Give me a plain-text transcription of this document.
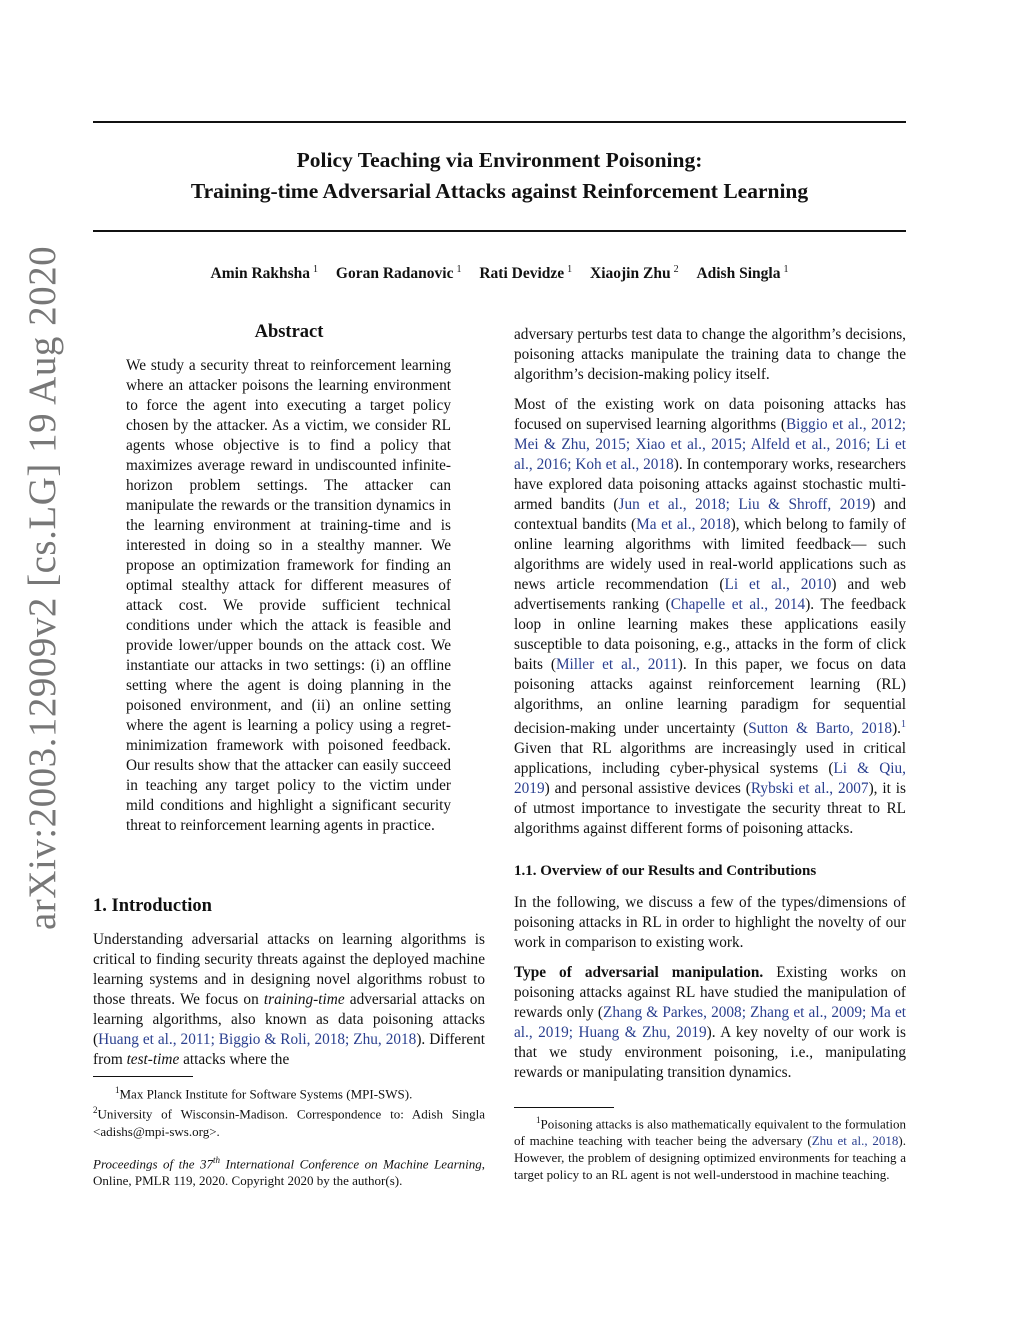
arXiv:2003.12909v2 [cs.LG] 19 Aug 2020
Policy Teaching via Environment Poisoning:
Training-time Adversarial Attacks against Reinforcement Learning
Amin Rakhsha $^1$ Goran Radanovic $^1$ Rati Devidze $^1$ Xiaojin Zhu $^2$ Adish Singla $^1$
Abstract

We study a security threat to reinforcement learning where an attacker poisons the learning environment to force the agent into executing a target policy chosen by the attacker. As a victim, we consider RL agents whose objective is to find a policy that maximizes average reward in undiscounted infinite-horizon problem settings. The attacker can manipulate the rewards or the transition dynamics in the learning environment at training-time and is interested in doing so in a stealthy manner. We propose an optimization framework for finding an optimal stealthy attack for different measures of attack cost. We provide sufficient technical conditions under which the attack is feasible and provide lower/upper bounds on the attack cost. We instantiate our attacks in two settings: (i) an offline setting where the agent is doing planning in the poisoned environment, and (ii) an online setting where the agent is learning a policy using a regret-minimization framework with poisoned feedback. Our results show that the attacker can easily succeed in teaching any target policy to the victim under mild conditions and highlight a significant security threat to reinforcement learning agents in practice.

1. Introduction

Understanding adversarial attacks on learning algorithms is critical to finding security threats against the deployed machine learning systems and in designing novel algorithms robust to those threats. We focus on training-time adversarial attacks on learning algorithms, also known as data poisoning attacks (Huang et al., 2011; Biggio & Roli, 2018; Zhu, 2018). Different from test-time attacks where the

$^1$Max Planck Institute for Software Systems (MPI-SWS).
$^2$University of Wisconsin-Madison. Correspondence to: Adish Singla <adishs@mpi-sws.org>.
Proceedings of the 37th International Conference on Machine Learning, Online, PMLR 119, 2020. Copyright 2020 by the author(s).

adversary perturbs test data to change the algorithm’s decisions, poisoning attacks manipulate the training data to change the algorithm’s decision-making policy itself.

Most of the existing work on data poisoning attacks has focused on supervised learning algorithms (Biggio et al., 2012; Mei & Zhu, 2015; Xiao et al., 2015; Alfeld et al., 2016; Li et al., 2016; Koh et al., 2018). In contemporary works, researchers have explored data poisoning attacks against stochastic multi-armed bandits (Jun et al., 2018; Liu & Shroff, 2019) and contextual bandits (Ma et al., 2018), which belong to family of online learning algorithms with limited feedback— such algorithms are widely used in real-world applications such as news article recommendation (Li et al., 2010) and web advertisements ranking (Chapelle et al., 2014). The feedback loop in online learning makes these applications easily susceptible to data poisoning, e.g., attacks in the form of click baits (Miller et al., 2011). In this paper, we focus on data poisoning attacks against reinforcement learning (RL) algorithms, an online learning paradigm for sequential decision-making under uncertainty (Sutton & Barto, 2018).$^1$ Given that RL algorithms are increasingly used in critical applications, including cyber-physical systems (Li & Qiu, 2019) and personal assistive devices (Rybski et al., 2007), it is of utmost importance to investigate the security threat to RL algorithms against different forms of poisoning attacks.

1.1. Overview of our Results and Contributions

In the following, we discuss a few of the types/dimensions of poisoning attacks in RL in order to highlight the novelty of our work in comparison to existing work.

Type of adversarial manipulation. Existing works on poisoning attacks against RL have studied the manipulation of rewards only (Zhang & Parkes, 2008; Zhang et al., 2009; Ma et al., 2019; Huang & Zhu, 2019). A key novelty of our work is that we study environment poisoning, i.e., manipulating rewards or manipulating transition dynamics.

$^1$Poisoning attacks is also mathematically equivalent to the formulation of machine teaching with teacher being the adversary (Zhu et al., 2018). However, the problem of designing optimized environments for teaching a target policy to an RL agent is not well-understood in machine teaching.
